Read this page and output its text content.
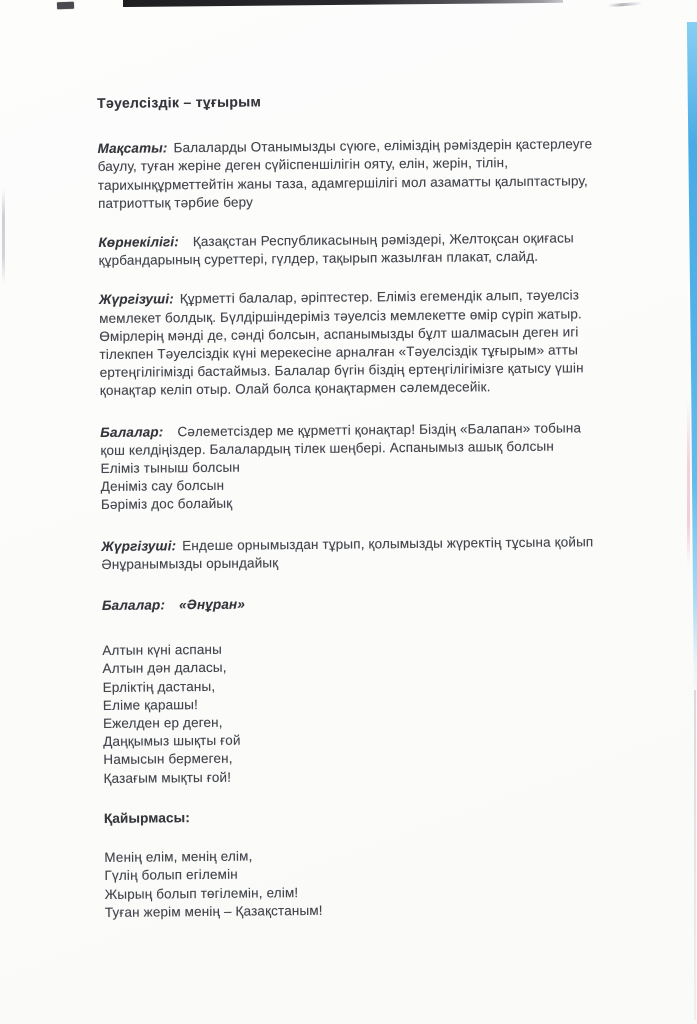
Тәуелсіздік – тұғырым
Мақсаты: Балаларды Отанымызды сүюге, еліміздің рәміздерін қастерлеуге
баулу, туған жеріне деген сүйіспеншілігін ояту, елін, жерін, тілін,
тарихынқұрметтейтін жаны таза, адамгершілігі мол азаматты қалыптастыру,
патриоттық тәрбие беру
Көрнекілігі: Қазақстан Республикасының рәміздері, Желтоқсан оқиғасы
құрбандарының суреттері, гүлдер, тақырып жазылған плакат, слайд.
Жүргізуші: Құрметті балалар, әріптестер. Еліміз егемендік алып, тәуелсіз
мемлекет болдық. Бүлдіршіндеріміз тәуелсіз мемлекетте өмір сүріп жатыр.
Өмірлерің мәнді де, сәнді болсын, аспанымызды бұлт шалмасын деген игі
тілекпен Тәуелсіздік күні мерекесіне арналған «Тәуелсіздік тұғырым» атты
ертеңгілігімізді бастаймыз. Балалар бүгін біздің ертеңгілігімізге қатысу үшін
қонақтар келіп отыр. Олай болса қонақтармен сәлемдесейік.
Балалар: Сәлеметсіздер ме құрметті қонақтар! Біздің «Балапан» тобына
қош келдіңіздер. Балалардың тілек шеңбері. Аспанымыз ашық болсын
Еліміз тыныш болсын
Деніміз сау болсын
Бәріміз дос болайық
Жүргізуші: Ендеше орнымыздан тұрып, қолымызды жүректің тұсына қойып
Әнұранымызды орындайық
Балалар: «Әнұран»
Алтын күні аспаны
Алтын дән даласы,
Ерліктің дастаны,
Еліме қарашы!
Ежелден ер деген,
Даңқымыз шықты ғой
Намысын бермеген,
Қазағым мықты ғой!
Қайырмасы:
Менің елім, менің елім,
Гүлің болып егілемін
Жырың болып төгілемін, елім!
Туған жерім менің – Қазақстаным!
